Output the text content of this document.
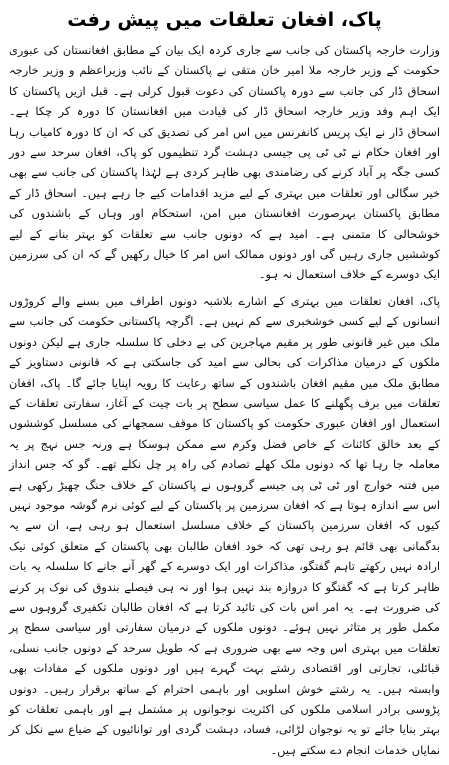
پاک، افغان تعلقات میں پیش رفت

وزارت خارجہ پاکستان کی جانب سے جاری کردہ ایک بیان کے مطابق افغانستان کی عبوری حکومت کے وزیر خارجہ ملا امیر خان متقی نے پاکستان کے نائب وزیراعظم و وزیر خارجہ اسحاق ڈار کی جانب سے دورہ پاکستان کی دعوت قبول کرلی ہے۔ قبل ازیں پاکستان کا ایک اہم وفد وزیر خارجہ اسحاق ڈار کی قیادت میں افغانستان کا دورہ کر چکا ہے۔ اسحاق ڈار نے ایک پریس کانفرنس میں اس امر کی تصدیق کی کہ ان کا دورہ کامیاب رہا اور افغان حکام نے ٹی ٹی پی جیسی دہشت گرد تنظیموں کو پاک، افغان سرحد سے دور کسی جگہ پر آباد کرنے کی رضامندی بھی ظاہر کردی ہے لہٰذا پاکستان کی جانب سے بھی خیر سگالی اور تعلقات میں بہتری کے لیے مزید اقدامات کیے جا رہے ہیں۔ اسحاق ڈار کے مطابق پاکستان بہرصورت افغانستان میں امن، استحکام اور وہاں کے باشندوں کی خوشحالی کا متمنی ہے۔ امید ہے کہ دونوں جانب سے تعلقات کو بہتر بنانے کے لیے کوششیں جاری رہیں گی اور دونوں ممالک اس امر کا خیال رکھیں گے کہ ان کی سرزمین ایک دوسرے کے خلاف استعمال نہ ہو۔

پاک، افغان تعلقات میں بہتری کے اشارے بلاشبہ دونوں اطراف میں بسنے والے کروڑوں انسانوں کے لیے کسی خوشخبری سے کم نہیں ہے۔ اگرچہ پاکستانی حکومت کی جانب سے ملک میں غیر قانونی طور پر مقیم مہاجرین کی بے دخلی کا سلسلہ جاری ہے لیکن دونوں ملکوں کے درمیان مذاکرات کی بحالی سے امید کی جاسکتی ہے کہ قانونی دستاویز کے مطابق ملک میں مقیم افغان باشندوں کے ساتھ رعایت کا رویہ اپنایا جائے گا۔ پاک، افغان تعلقات میں برف پگھلنے کا عمل سیاسی سطح پر بات چیت کے آغاز، سفارتی تعلقات کے استعمال اور افغان عبوری حکومت کو پاکستان کا موقف سمجھانے کی مسلسل کوششوں کے بعد خالق کائنات کے خاص فضل وکرم سے ممکن ہوسکا ہے ورنہ جس نہج پر یہ معاملہ جا رہا تھا کہ دونوں ملک کھلے تصادم کی راہ پر چل نکلے تھے۔ گو کہ جس انداز میں فتنہ خوارج اور ٹی ٹی پی جیسے گروہوں نے پاکستان کے خلاف جنگ چھیڑ رکھی ہے اس سے اندازہ ہوتا ہے کہ افغان سرزمین پر پاکستان کے لیے کوئی نرم گوشہ موجود نہیں کیوں کہ افغان سرزمین پاکستان کے خلاف مسلسل استعمال ہو رہی ہے، ان سے یہ بدگمانی بھی قائم ہو رہی تھی کہ خود افغان طالبان بھی پاکستان کے متعلق کوئی نیک ارادہ نہیں رکھتے تاہم گفتگو، مذاکرات اور ایک دوسرے کے گھر آنے جانے کا سلسلہ یہ بات ظاہر کرتا ہے کہ گفتگو کا دروازہ بند نہیں ہوا اور نہ ہی فیصلے بندوق کی نوک پر کرنے کی ضرورت ہے۔ یہ امر اس بات کی تائید کرتا ہے کہ افغان طالبان تکفیری گروہوں سے مکمل طور پر متاثر نہیں ہوئے۔ دونوں ملکوں کے درمیان سفارتی اور سیاسی سطح پر تعلقات میں بہتری اس وجہ سے بھی ضروری ہے کہ طویل سرحد کے دونوں جانب نسلی، قبائلی، تجارتی اور اقتصادی رشتے بہت گہرے ہیں اور دونوں ملکوں کے مفادات بھی وابستہ ہیں۔ یہ رشتے خوش اسلوبی اور باہمی احترام کے ساتھ برقرار رہیں۔ دونوں پڑوسی برادر اسلامی ملکوں کی اکثریت نوجوانوں پر مشتمل ہے اور باہمی تعلقات کو بہتر بنایا جائے تو یہ نوجوان لڑائی، فساد، دہشت گردی اور توانائیوں کے ضیاع سے نکل کر نمایاں خدمات انجام دے سکتے ہیں۔
